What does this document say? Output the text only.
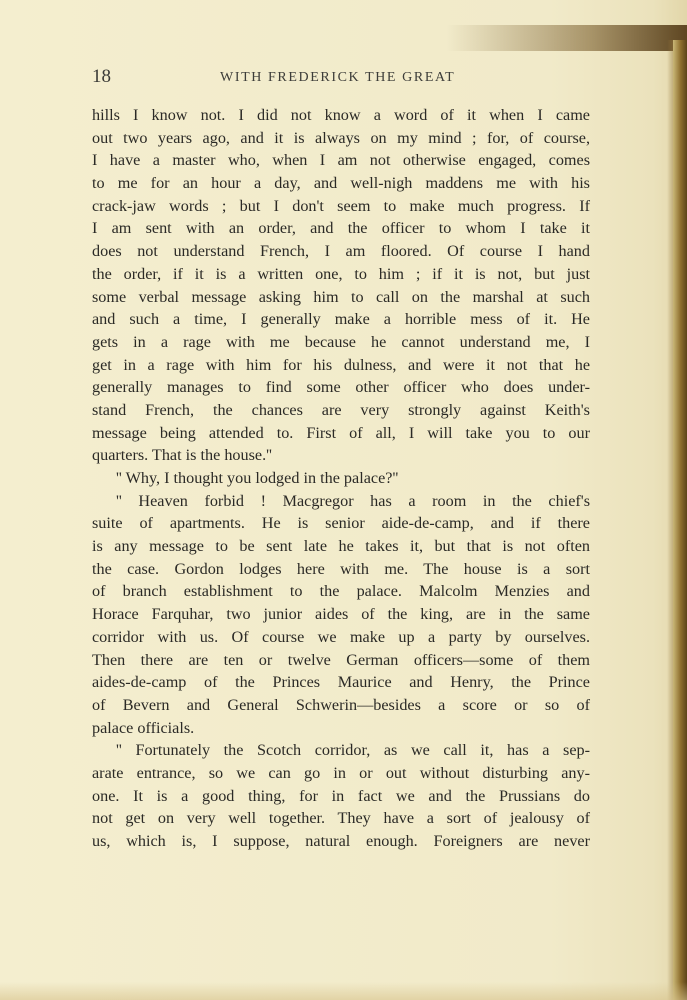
18	WITH FREDERICK THE GREAT
hills I know not. I did not know a word of it when I came
out two years ago, and it is always on my mind ; for, of course,
I have a master who, when I am not otherwise engaged, comes
to me for an hour a day, and well-nigh maddens me with his
crack-jaw words ; but I don't seem to make much progress. If
I am sent with an order, and the officer to whom I take it
does not understand French, I am floored. Of course I hand
the order, if it is a written one, to him ; if it is not, but just
some verbal message asking him to call on the marshal at such
and such a time, I generally make a horrible mess of it. He
gets in a rage with me because he cannot understand me, I
get in a rage with him for his dulness, and were it not that he
generally manages to find some other officer who does under-
stand French, the chances are very strongly against Keith's
message being attended to. First of all, I will take you to our
quarters. That is the house.''
'' Why, I thought you lodged in the palace?''
'' Heaven forbid ! Macgregor has a room in the chief's
suite of apartments. He is senior aide-de-camp, and if there
is any message to be sent late he takes it, but that is not often
the case. Gordon lodges here with me. The house is a sort
of branch establishment to the palace. Malcolm Menzies and
Horace Farquhar, two junior aides of the king, are in the same
corridor with us. Of course we make up a party by ourselves.
Then there are ten or twelve German officers—some of them
aides-de-camp of the Princes Maurice and Henry, the Prince
of Bevern and General Schwerin—besides a score or so of
palace officials.
'' Fortunately the Scotch corridor, as we call it, has a sep-
arate entrance, so we can go in or out without disturbing any-
one. It is a good thing, for in fact we and the Prussians do
not get on very well together. They have a sort of jealousy of
us, which is, I suppose, natural enough. Foreigners are never
